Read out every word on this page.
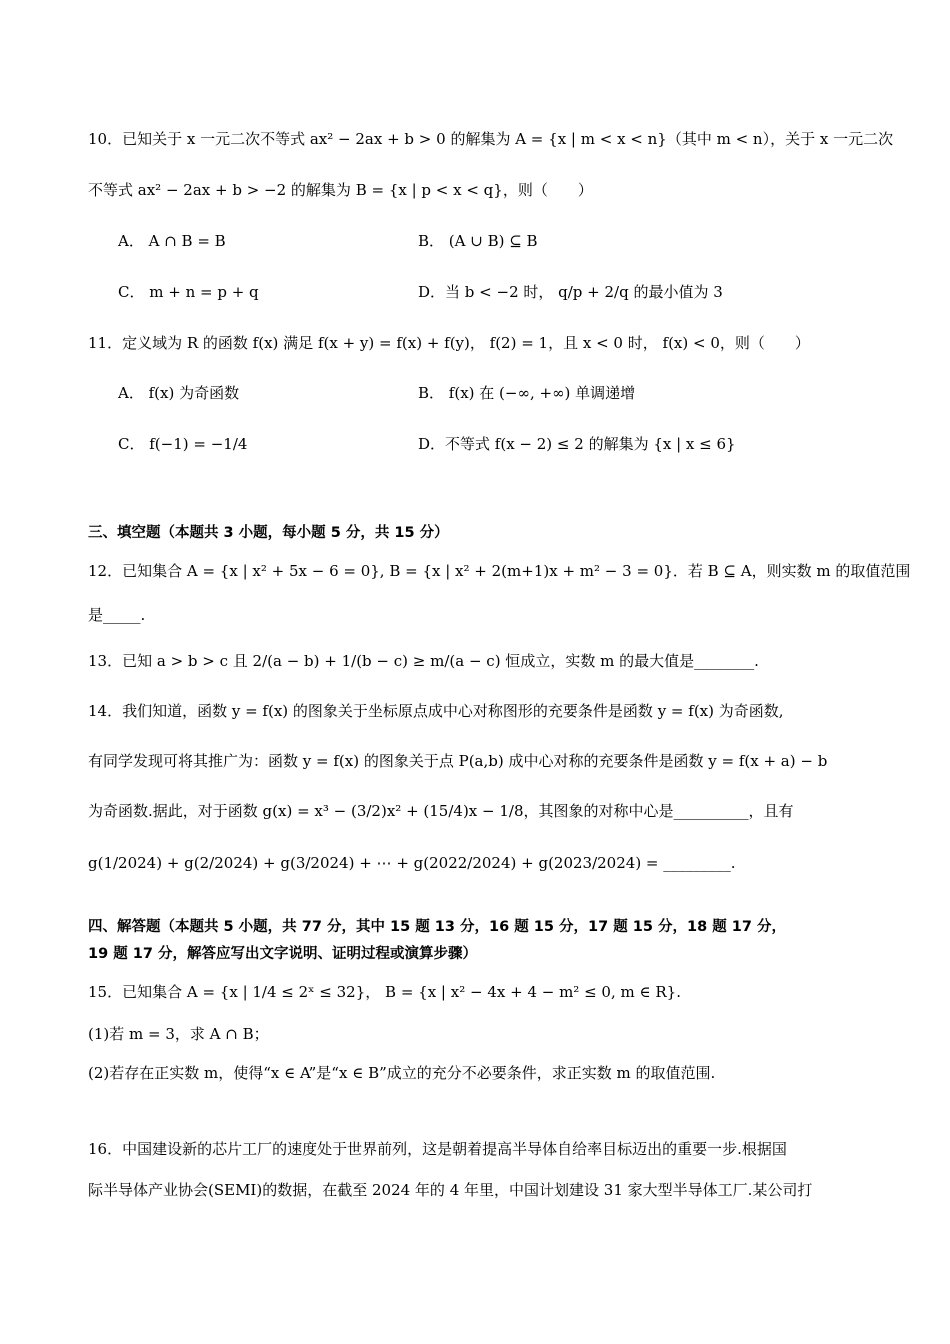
10．已知关于 x 一元二次不等式 ax² − 2ax + b > 0 的解集为 A = {x | m < x < n}（其中 m < n），关于 x 一元二次
不等式 ax² − 2ax + b > −2 的解集为 B = {x | p < x < q}，则（　　）
A． A ∩ B = B	B． (A ∪ B) ⊆ B
C． m + n = p + q	D．当 b < −2 时， q/p + 2/q 的最小值为 3
11．定义域为 R 的函数 f(x) 满足 f(x + y) = f(x) + f(y)， f(2) = 1，且 x < 0 时， f(x) < 0，则（　　）
A． f(x) 为奇函数	B． f(x) 在 (−∞, +∞) 单调递增
C． f(−1) = −1/4	D．不等式 f(x − 2) ≤ 2 的解集为 {x | x ≤ 6}
三、填空题（本题共 3 小题，每小题 5 分，共 15 分）
12．已知集合 A = {x | x² + 5x − 6 = 0}, B = {x | x² + 2(m+1)x + m² − 3 = 0}．若 B ⊆ A，则实数 m 的取值范围
是_____.
13．已知 a > b > c 且 2/(a − b) + 1/(b − c) ≥ m/(a − c) 恒成立，实数 m 的最大值是________.
14．我们知道，函数 y = f(x) 的图象关于坐标原点成中心对称图形的充要条件是函数 y = f(x) 为奇函数,
有同学发现可将其推广为：函数 y = f(x) 的图象关于点 P(a,b) 成中心对称的充要条件是函数 y = f(x + a) − b
为奇函数.据此，对于函数 g(x) = x³ − (3/2)x² + (15/4)x − 1/8，其图象的对称中心是__________，且有
g(1/2024) + g(2/2024) + g(3/2024) + ⋯ + g(2022/2024) + g(2023/2024) = _________.
四、解答题（本题共 5 小题，共 77 分，其中 15 题 13 分，16 题 15 分，17 题 15 分，18 题 17 分，
19 题 17 分，解答应写出文字说明、证明过程或演算步骤）
15．已知集合 A = {x | 1/4 ≤ 2ˣ ≤ 32}， B = {x | x² − 4x + 4 − m² ≤ 0, m ∈ R}.
(1)若 m = 3，求 A ∩ B；
(2)若存在正实数 m，使得“x ∈ A”是“x ∈ B”成立的充分不必要条件，求正实数 m 的取值范围.
16．中国建设新的芯片工厂的速度处于世界前列，这是朝着提高半导体自给率目标迈出的重要一步.根据国
际半导体产业协会(SEMI)的数据，在截至 2024 年的 4 年里，中国计划建设 31 家大型半导体工厂.某公司打
